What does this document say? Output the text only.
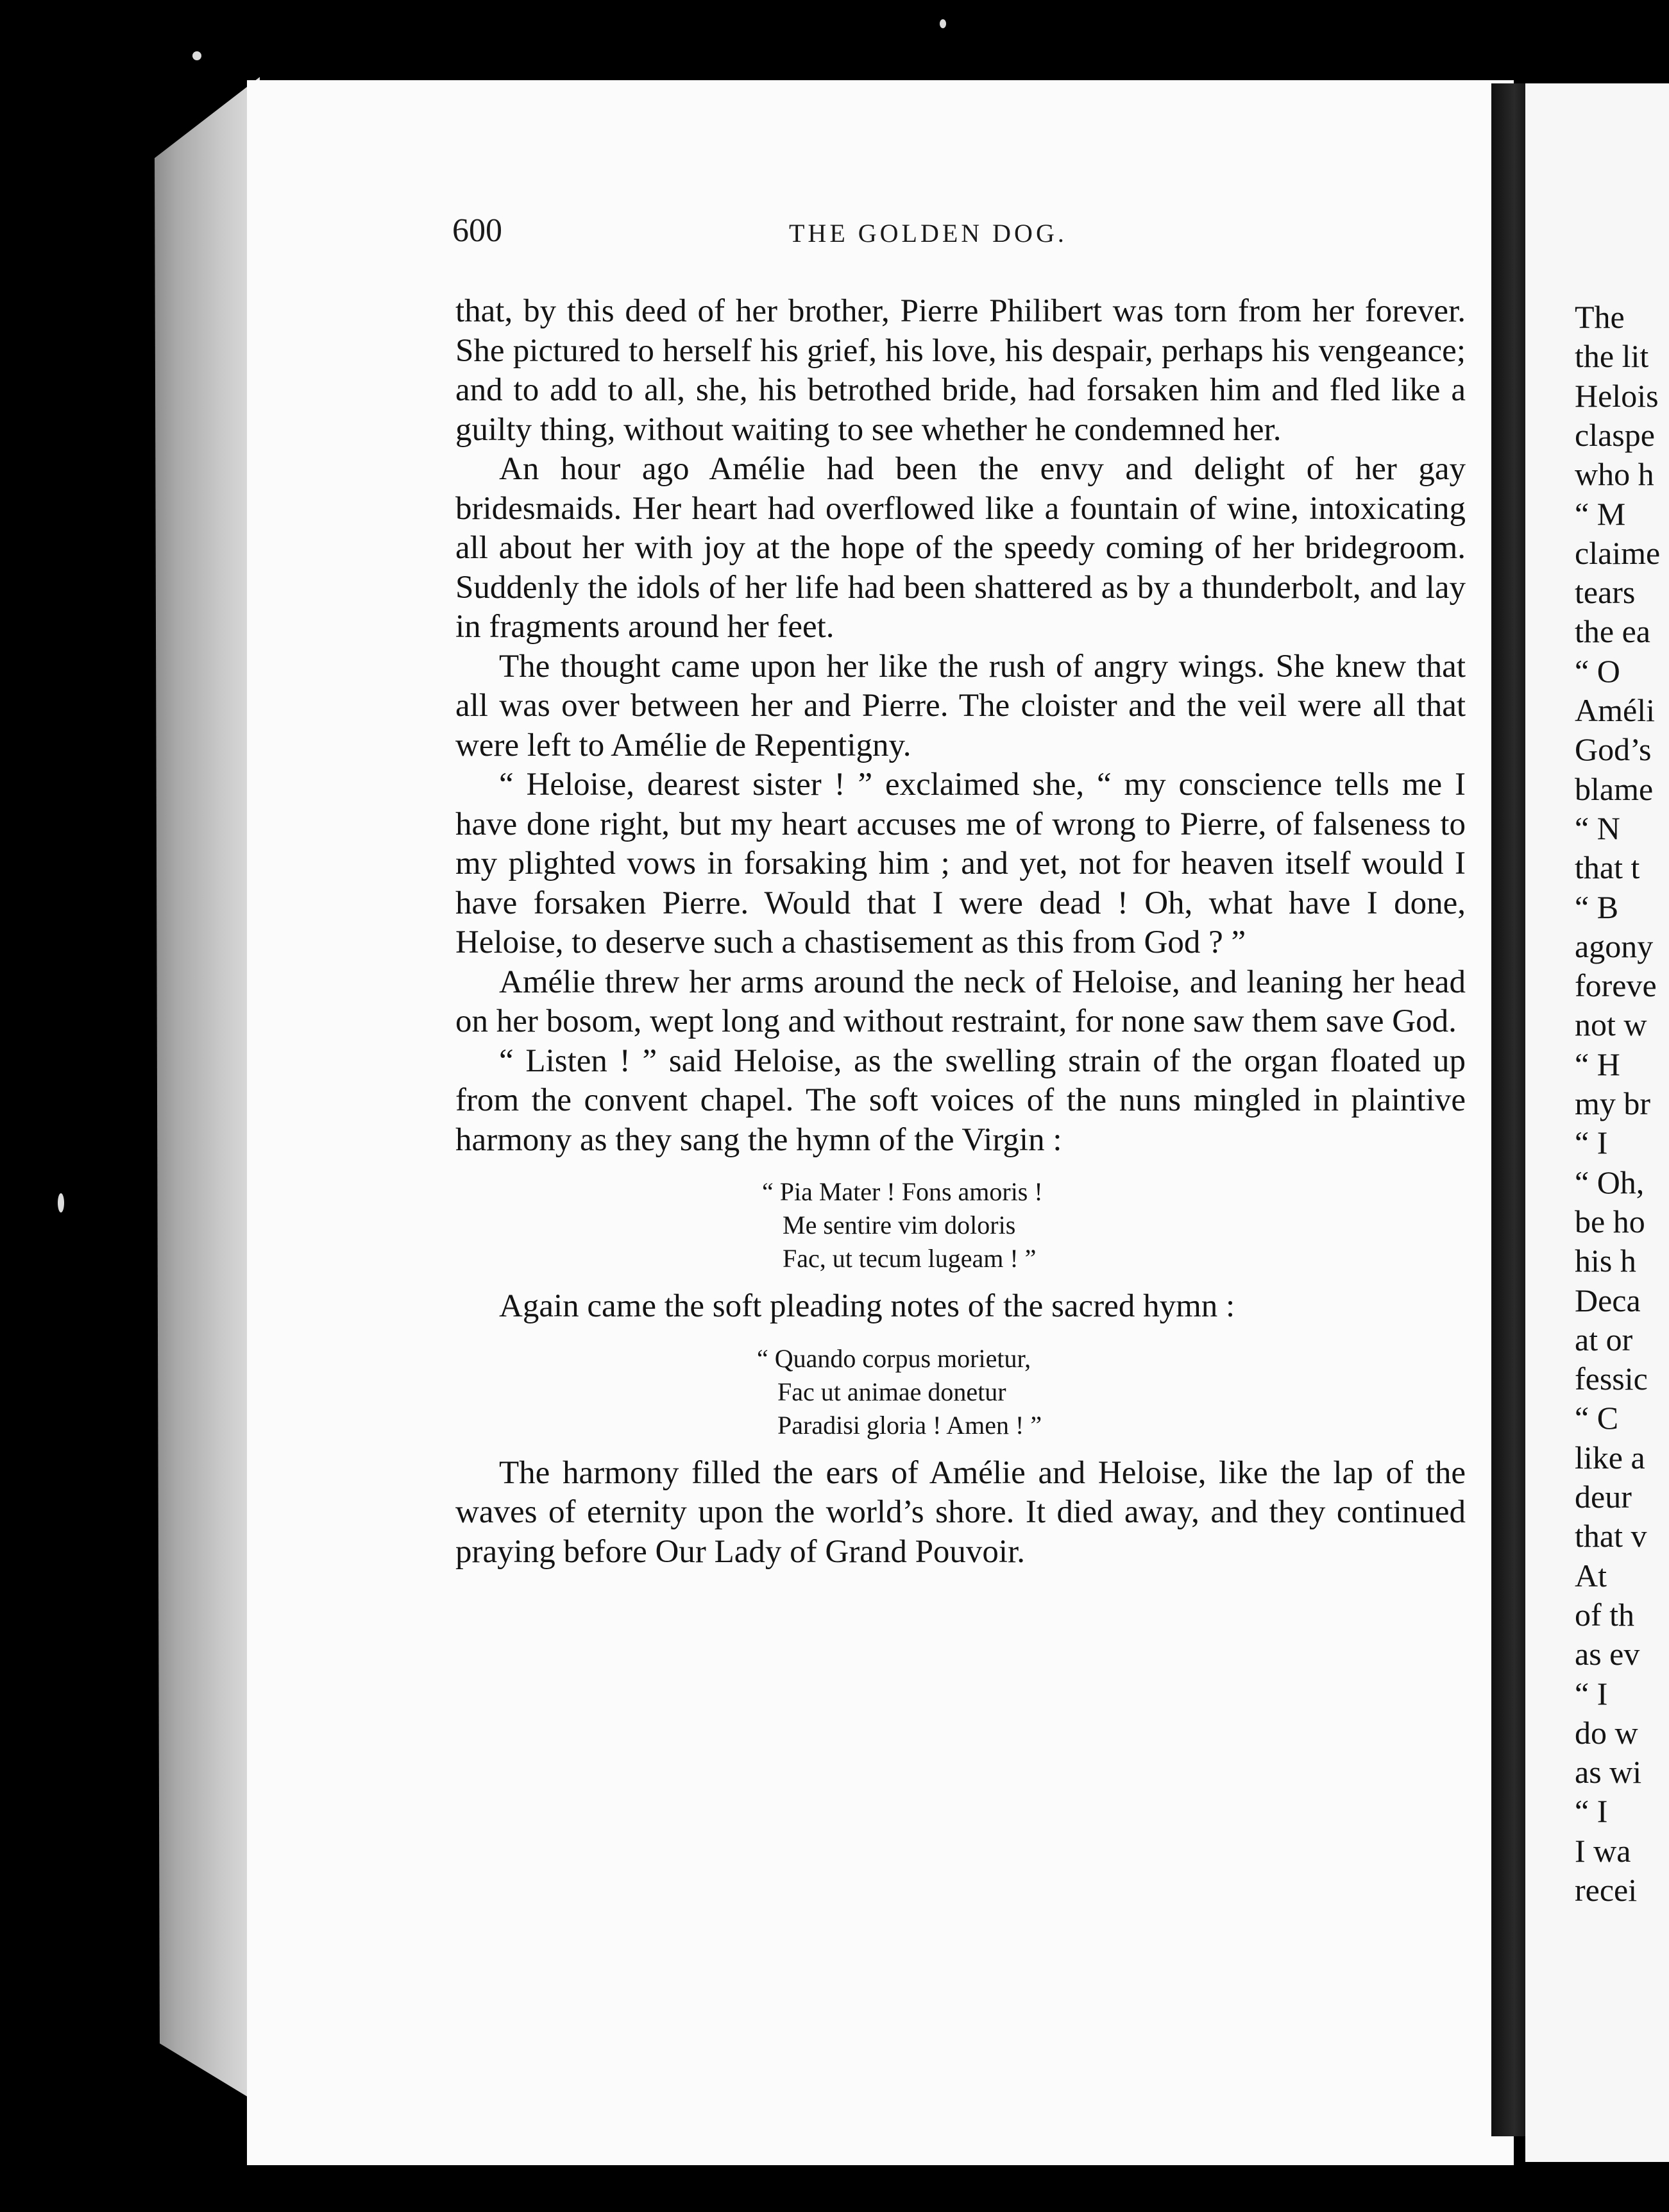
600	THE GOLDEN DOG.

that, by this deed of her brother, Pierre Philibert was torn from her forever. She pictured to herself his grief, his love, his despair, perhaps his vengeance; and to add to all, she, his betrothed bride, had forsaken him and fled like a guilty thing, without waiting to see whether he condemned her.

An hour ago Amélie had been the envy and delight of her gay bridesmaids. Her heart had overflowed like a fountain of wine, intoxicating all about her with joy at the hope of the speedy coming of her bridegroom. Suddenly the idols of her life had been shattered as by a thunderbolt, and lay in fragments around her feet.

The thought came upon her like the rush of angry wings. She knew that all was over between her and Pierre. The cloister and the veil were all that were left to Amélie de Repentigny.

“ Heloise, dearest sister ! ” exclaimed she, “ my conscience tells me I have done right, but my heart accuses me of wrong to Pierre, of falseness to my plighted vows in forsaking him ; and yet, not for heaven itself would I have forsaken Pierre. Would that I were dead ! Oh, what have I done, Heloise, to deserve such a chastisement as this from God ? ”

Amélie threw her arms around the neck of Heloise, and leaning her head on her bosom, wept long and without restraint, for none saw them save God.

“ Listen ! ” said Heloise, as the swelling strain of the organ floated up from the convent chapel. The soft voices of the nuns mingled in plaintive harmony as they sang the hymn of the Virgin :

“ Pia Mater ! Fons amoris !
Me sentire vim doloris
Fac, ut tecum lugeam ! ”

Again came the soft pleading notes of the sacred hymn :

“ Quando corpus morietur,
Fac ut animae donetur
Paradisi gloria ! Amen ! ”

The harmony filled the ears of Amélie and Heloise, like the lap of the waves of eternity upon the world’s shore. It died away, and they continued praying before Our Lady of Grand Pouvoir.

The
the lit
Helois
claspe
who h
“ M
claime
tears
the ea
“ O
Améli
God’s
blame
“ N
that t
“ B
agony
foreve
not w
“ H
my br
“ I
“ Oh,
be ho
his h
Deca
at or
fessic
“ C
like a
deur
that v
At
of th
as ev
“ I
do w
as wi
“ I
I wa
recei
